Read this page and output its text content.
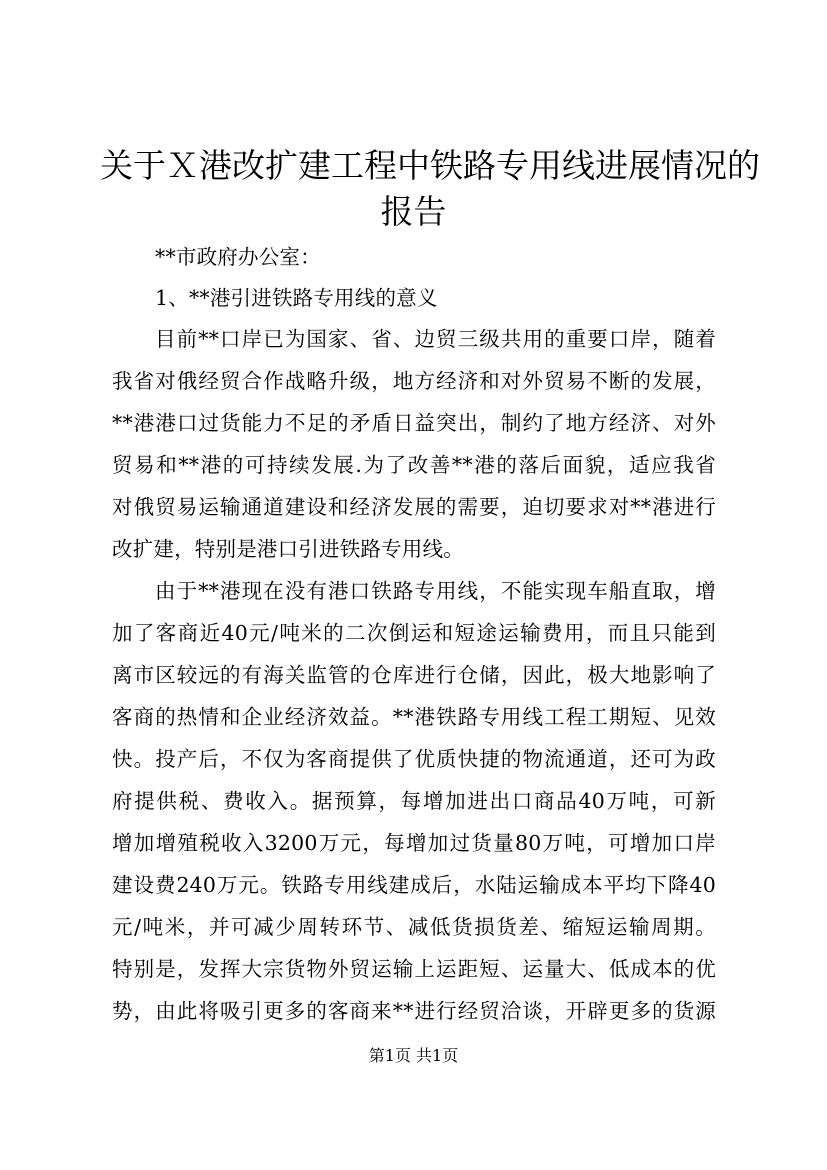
关于Ｘ港改扩建工程中铁路专用线进展情况的
报告
**市政府办公室：
1、**港引进铁路专用线的意义
目前**口岸已为国家、省、边贸三级共用的重要口岸，随着
我省对俄经贸合作战略升级，地方经济和对外贸易不断的发展，
**港港口过货能力不足的矛盾日益突出，制约了地方经济、对外
贸易和**港的可持续发展.为了改善**港的落后面貌，适应我省
对俄贸易运输通道建设和经济发展的需要，迫切要求对**港进行
改扩建，特别是港口引进铁路专用线。
由于**港现在没有港口铁路专用线，不能实现车船直取，增
加了客商近40元/吨米的二次倒运和短途运输费用，而且只能到
离市区较远的有海关监管的仓库进行仓储，因此，极大地影响了
客商的热情和企业经济效益。**港铁路专用线工程工期短、见效
快。投产后，不仅为客商提供了优质快捷的物流通道，还可为政
府提供税、费收入。据预算，每增加进出口商品40万吨，可新
增加增殖税收入3200万元，每增加过货量80万吨，可增加口岸
建设费240万元。铁路专用线建成后，水陆运输成本平均下降40
元/吨米，并可减少周转环节、减低货损货差、缩短运输周期。
特别是，发挥大宗货物外贸运输上运距短、运量大、低成本的优
势，由此将吸引更多的客商来**进行经贸洽谈，开辟更多的货源
第1页 共1页
